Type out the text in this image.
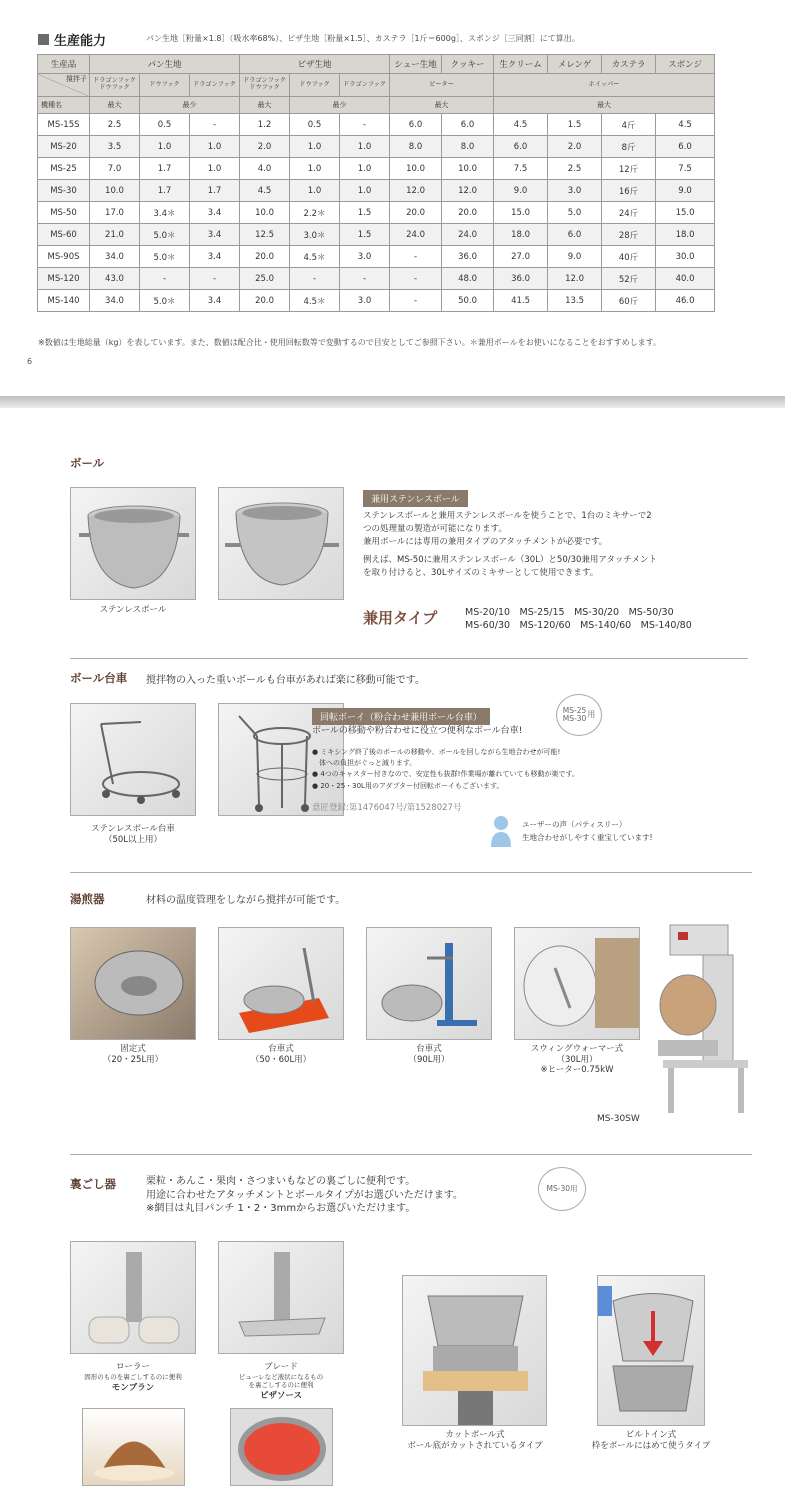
生産能力	パン生地［粉量×1.8］（吸水率68%）、ピザ生地［粉量×1.5］、カステラ［1斤＝600g］、スポンジ［三同割］にて算出。
生産品	パン生地			ピザ生地			シュー生地	クッキー	生クリーム	メレンゲ	カステラ	スポンジ

撹拌子	ドラゴンフック ドウフック	ドウフック	ドラゴンフック	ドラゴンフック ドウフック	ドウフック	ドラゴンフック	ビーター		ホイッパー			
機種名	最大	最少		最大	最少		最大		最大			
MS-15S	2.5	0.5	-	1.2	0.5	-	6.0	6.0	4.5	1.5	4斤	4.5
MS-20	3.5	1.0	1.0	2.0	1.0	1.0	8.0	8.0	6.0	2.0	8斤	6.0
MS-25	7.0	1.7	1.0	4.0	1.0	1.0	10.0	10.0	7.5	2.5	12斤	7.5
MS-30	10.0	1.7	1.7	4.5	1.0	1.0	12.0	12.0	9.0	3.0	16斤	9.0
MS-50	17.0	3.4＊	3.4	10.0	2.2＊	1.5	20.0	20.0	15.0	5.0	24斤	15.0
MS-60	21.0	5.0＊	3.4	12.5	3.0＊	1.5	24.0	24.0	18.0	6.0	28斤	18.0
MS-90S	34.0	5.0＊	3.4	20.0	4.5＊	3.0	-	36.0	27.0	9.0	40斤	30.0
MS-120	43.0	-	-	25.0	-	-	-	48.0	36.0	12.0	52斤	40.0
MS-140	34.0	5.0＊	3.4	20.0	4.5＊	3.0	-	50.0	41.5	13.5	60斤	46.0
※数値は生地総量（kg）を表しています。また、数値は配合比・使用回転数等で変動するので目安としてご参照下さい。＊兼用ボールをお使いになることをおすすめします。
6
ボール
ステンレスボール
兼用ステンレスボール
ステンレスボールと兼用ステンレスボールを使うことで、1台のミキサーで2
つの処理量の製造が可能になります。
兼用ボールには専用の兼用タイプのアタッチメントが必要です。
例えば、MS-50に兼用ステンレスボール（30L）と50/30兼用アタッチメント
を取り付けると、30Lサイズのミキサーとして使用できます。
兼用タイプ	MS-20/10　MS-25/15　MS-30/20　MS-50/30
MS-60/30　MS-120/60　MS-140/60　MS-140/80
ボール台車 撹拌物の入った重いボールも台車があれば楽に移動可能です。
ステンレスボール台車
（50L以上用）
回転ボーイ（粉合わせ兼用ボール台車）
MS-25
MS-30 用
ボールの移動や粉合わせに役立つ便利なボール台車!
● ミキシング終了後のボールの移動や、ボールを回しながら生地合わせが可能!
　体への負担がぐっと減ります。
● 4つのキャスター付きなので、安定性も抜群!作業場が離れていても移動が楽です。
● 20・25・30L用のアダプター付回転ボーイもございます。
意匠登録:第1476047号/第1528027号
ユーザーの声（パティスリー）
生地合わせがしやすく重宝しています!
湯煎器	材料の温度管理をしながら撹拌が可能です。
固定式
（20・25L用）
台車式
（50・60L用）
台車式
（90L用）
スウィングウォーマー式
（30L用）
※ヒーター0.75kW
MS-30SW
裏ごし器	栗粒・あんこ・果肉・さつまいもなどの裏ごしに便利です。
用途に合わせたアタッチメントとボールタイプがお選びいただけます。
※網目は丸目パンチ 1・2・3mmからお選びいただけます。
MS-30用
ローラー
固形のものを裏ごしするのに便利
モンブラン
ブレード
ピューレなど液状になるもの
を裏ごしするのに便利
ピザソース
カットボール式
ボール底がカットされているタイプ
ビルトイン式
枠をボールにはめて使うタイプ
